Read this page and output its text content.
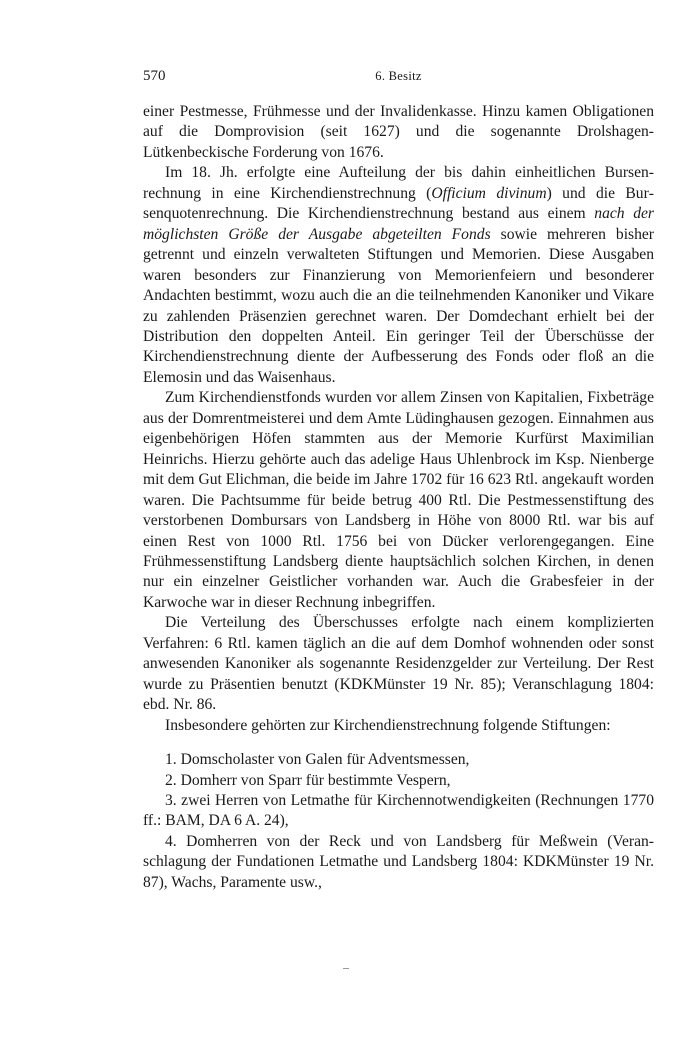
570	6. Besitz

einer Pestmesse, Frühmesse und der Invalidenkasse. Hinzu kamen Obligationen auf die Domprovision (seit 1627) und die sogenannte Drolshagen-Lütkenbeckische Forderung von 1676.

Im 18. Jh. erfolgte eine Aufteilung der bis dahin einheitlichen Bursenrechnung in eine Kirchendienstrechnung (Officium divinum) und die Bursenquotenrechnung. Die Kirchendienstrechnung bestand aus einem nach der möglichsten Größe der Ausgabe abgeteilten Fonds sowie mehreren bisher getrennt und einzeln verwalteten Stiftungen und Memorien. Diese Ausgaben waren besonders zur Finanzierung von Memorienfeiern und besonderer Andachten bestimmt, wozu auch die an die teilnehmenden Kanoniker und Vikare zu zahlenden Präsenzien gerechnet waren. Der Domdechant erhielt bei der Distribution den doppelten Anteil. Ein geringer Teil der Überschüsse der Kirchendienstrechnung diente der Aufbesserung des Fonds oder floß an die Elemosin und das Waisenhaus.

Zum Kirchendienstfonds wurden vor allem Zinsen von Kapitalien, Fixbeträge aus der Domrentmeisterei und dem Amte Lüdinghausen gezogen. Einnahmen aus eigenbehörigen Höfen stammten aus der Memorie Kurfürst Maximilian Heinrichs. Hierzu gehörte auch das adelige Haus Uhlenbrock im Ksp. Nienberge mit dem Gut Elichman, die beide im Jahre 1702 für 16 623 Rtl. angekauft worden waren. Die Pachtsumme für beide betrug 400 Rtl. Die Pestmessenstiftung des verstorbenen Dombursars von Landsberg in Höhe von 8000 Rtl. war bis auf einen Rest von 1000 Rtl. 1756 bei von Dücker verlorengegangen. Eine Frühmessenstiftung Landsberg diente hauptsächlich solchen Kirchen, in denen nur ein einzelner Geistlicher vorhanden war. Auch die Grabesfeier in der Karwoche war in dieser Rechnung inbegriffen.

Die Verteilung des Überschusses erfolgte nach einem komplizierten Verfahren: 6 Rtl. kamen täglich an die auf dem Domhof wohnenden oder sonst anwesenden Kanoniker als sogenannte Residenzgelder zur Verteilung. Der Rest wurde zu Präsentien benutzt (KDKMünster 19 Nr. 85); Veranschlagung 1804: ebd. Nr. 86.

Insbesondere gehörten zur Kirchendienstrechnung folgende Stiftungen:

1. Domscholaster von Galen für Adventsmessen,

2. Domherr von Sparr für bestimmte Vespern,

3. zwei Herren von Letmathe für Kirchennotwendigkeiten (Rechnungen 1770 ff.: BAM, DA 6 A. 24),

4. Domherren von der Reck und von Landsberg für Meßwein (Veranschlagung der Fundationen Letmathe und Landsberg 1804: KDKMünster 19 Nr. 87), Wachs, Paramente usw.,
